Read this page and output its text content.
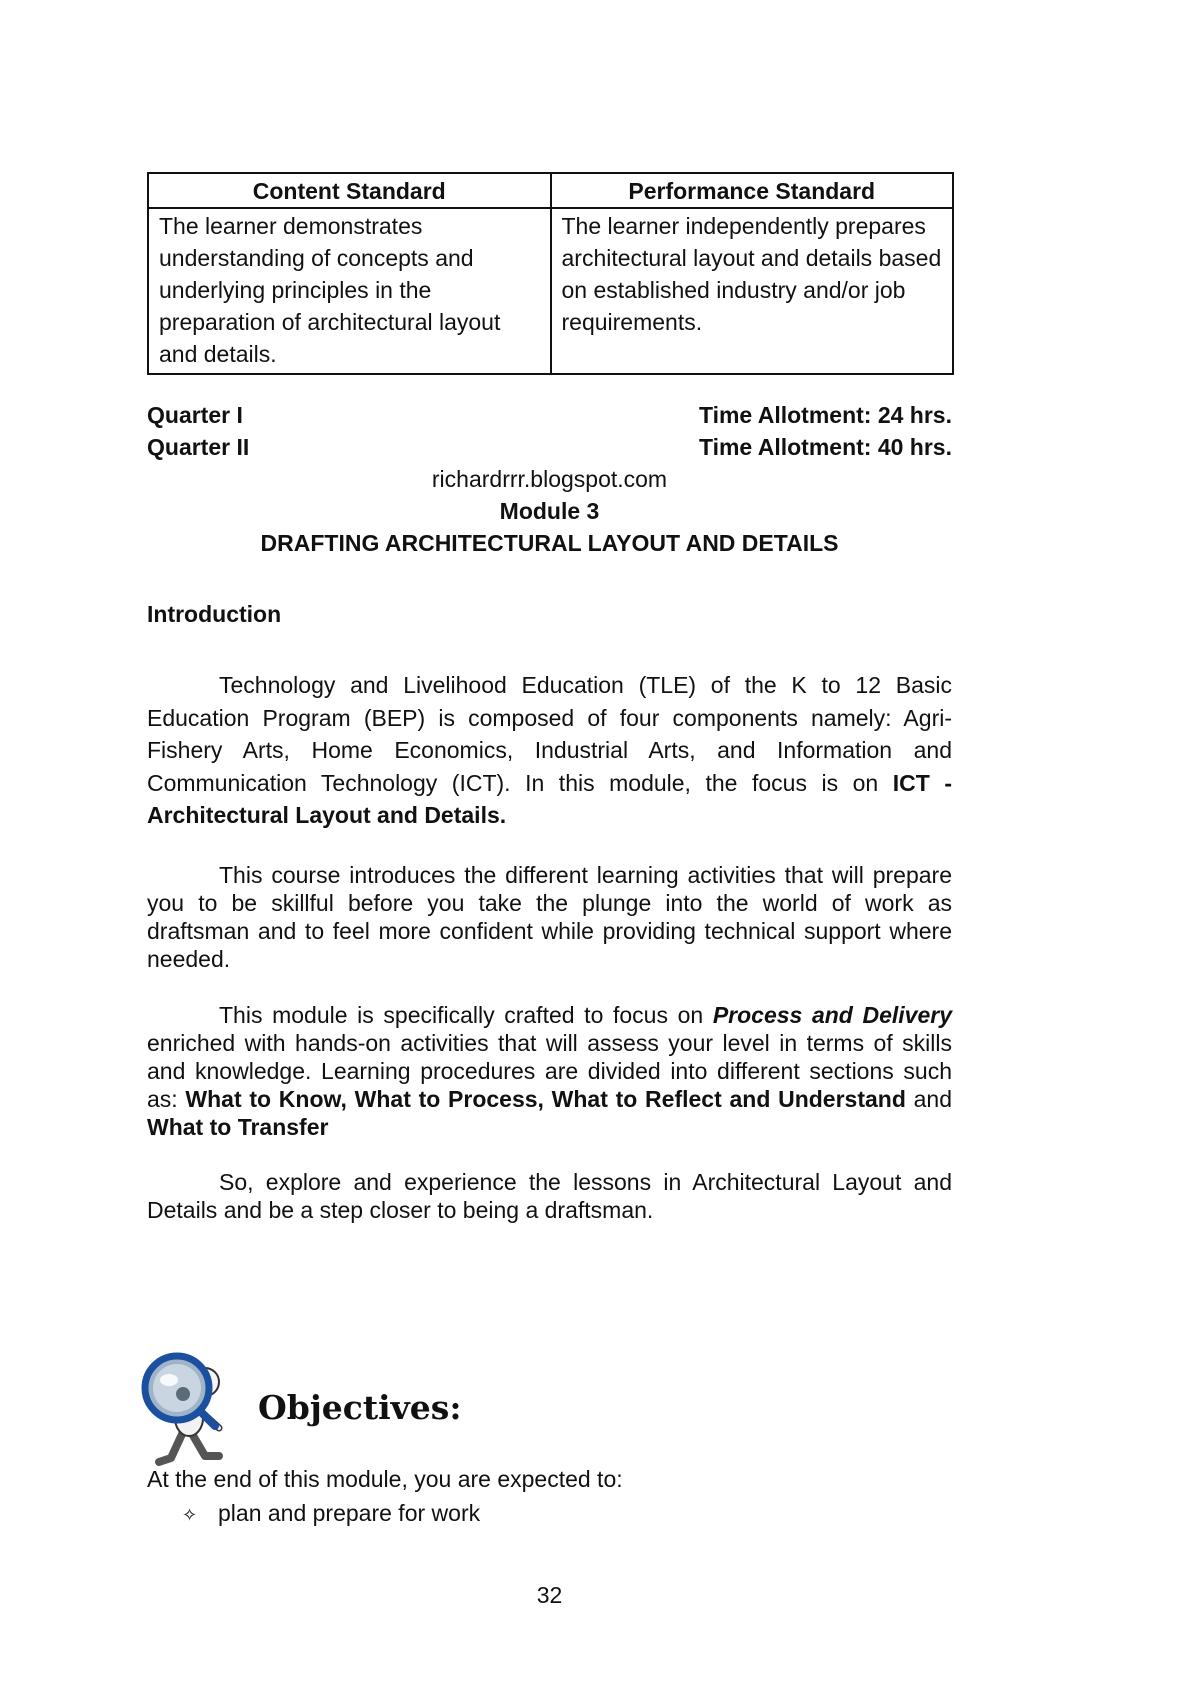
Content Standard	Performance Standard
The learner demonstrates understanding of concepts and underlying principles in the preparation of architectural layout and details.	The learner independently prepares architectural layout and details based on established industry and/or job requirements.
Quarter I	Time Allotment: 24 hrs.
Quarter II	Time Allotment: 40 hrs.
richardrrr.blogspot.com
Module 3
DRAFTING ARCHITECTURAL LAYOUT AND DETAILS
Introduction

Technology and Livelihood Education (TLE) of the K to 12 Basic Education Program (BEP) is composed of four components namely: Agri-Fishery Arts, Home Economics, Industrial Arts, and Information and Communication Technology (ICT). In this module, the focus is on ICT - Architectural Layout and Details.

This course introduces the different learning activities that will prepare you to be skillful before you take the plunge into the world of work as draftsman and to feel more confident while providing technical support where needed.

This module is specifically crafted to focus on Process and Delivery enriched with hands-on activities that will assess your level in terms of skills and knowledge. Learning procedures are divided into different sections such as: What to Know, What to Process, What to Reflect and Understand and What to Transfer

So, explore and experience the lessons in Architectural Layout and Details and be a step closer to being a draftsman.

Objectives:
At the end of this module, you are expected to:
✧ plan and prepare for work
32
